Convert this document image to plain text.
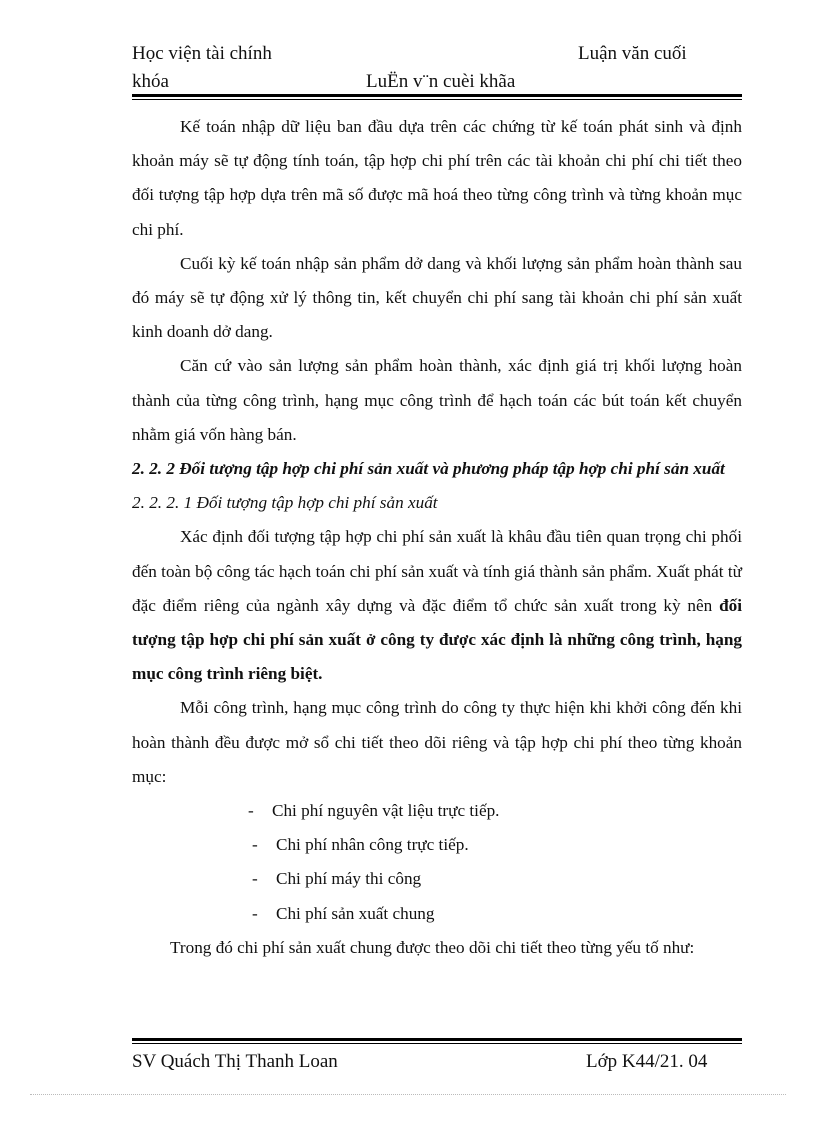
Học viện tài chính	Luận văn cuối
khóa	LuËn v¨n cuèi khãa

Kế toán nhập dữ liệu ban đầu dựa trên các chứng từ kế toán phát sinh và định khoản máy sẽ tự động tính toán, tập hợp chi phí trên các tài khoản chi phí chi tiết theo đối tượng tập hợp dựa trên mã số được mã hoá theo từng công trình và từng khoản mục chi phí.

Cuối kỳ kế toán nhập sản phẩm dở dang và khối lượng sản phẩm hoàn thành sau đó máy sẽ tự động xử lý thông tin, kết chuyển chi phí sang tài khoản chi phí sản xuất kinh doanh dở dang.

Căn cứ vào sản lượng sản phẩm hoàn thành, xác định giá trị khối lượng hoàn thành của từng công trình, hạng mục công trình để hạch toán các bút toán kết chuyển nhằm giá vốn hàng bán.

2. 2. 2 Đối tượng tập hợp chi phí sản xuất và phương pháp tập hợp chi phí sản xuất

2. 2. 2. 1 Đối tượng tập hợp chi phí sản xuất

Xác định đối tượng tập hợp chi phí sản xuất là khâu đầu tiên quan trọng chi phối đến toàn bộ công tác hạch toán chi phí sản xuất và tính giá thành sản phẩm. Xuất phát từ đặc điểm riêng của ngành xây dựng và đặc điểm tổ chức sản xuất trong kỳ nên đối tượng tập hợp chi phí sản xuất ở công ty được xác định là những công trình, hạng mục công trình riêng biệt.

Mỗi công trình, hạng mục công trình do công ty thực hiện khi khởi công đến khi hoàn thành đều được mở sổ chi tiết theo dõi riêng và tập hợp chi phí theo từng khoản mục:

- Chi phí nguyên vật liệu trực tiếp.
- Chi phí nhân công trực tiếp.
- Chi phí máy thi công
- Chi phí sản xuất chung

Trong đó chi phí sản xuất chung được theo dõi chi tiết theo từng yếu tố như:

SV Quách Thị Thanh Loan	Lớp K44/21. 04
